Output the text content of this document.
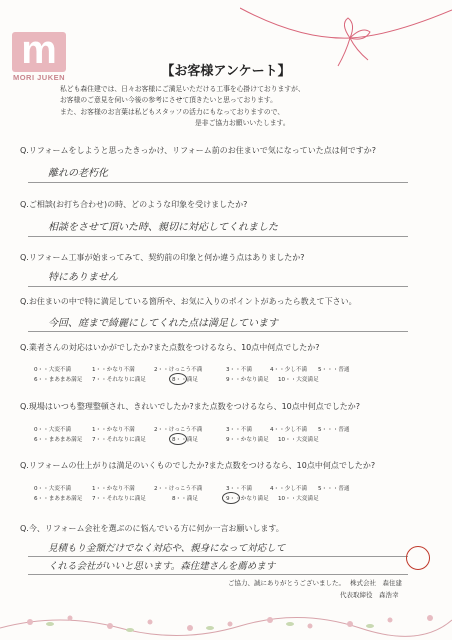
m
MORI JUKEN	【お客様アンケート】
私ども森住建では、日々お客様にご満足いただける工事を心掛けておりますが、
お客様のご意見を伺い今後の参考にさせて頂きたいと思っております。
また、お客様のお言葉は私どもスタッフの活力にもなっておりますので、
是非ご協力お願いいたします。
Q.リフォームをしようと思ったきっかけ、リフォーム前のお住まいで気になっていた点は何ですか?
離れの老朽化
Q.ご相談(お打ち合わせ)の時、どのような印象を受けましたか?
相談をさせて頂いた時、親切に対応してくれました
Q.リフォーム工事が始まってみて、契約前の印象と何か違う点はありましたか?
特にありません
Q.お住まいの中で特に満足している箇所や、お気に入りのポイントがあったら教えて下さい。
今回、庭まで綺麗にしてくれた点は満足しています
Q.業者さんの対応はいかがでしたか?また点数をつけるなら、10点中何点でしたか?
0・・大変不満	1・・かなり不満	2・・けっこう不満	3・・不満	4・・少し不満 5・・・普通
6・・まあまあ満足 7・・それなりに満足	8・・満足	9・・かなり満足 10・・大変満足
Q.現場はいつも整理整頓され、きれいでしたか?また点数をつけるなら、10点中何点でしたか?
0・・大変不満	1・・かなり不満	2・・けっこう不満	3・・不満	4・・少し不満 5・・・普通
6・・まあまあ満足 7・・それなりに満足	8・・満足	9・・かなり満足 10・・大変満足
Q.リフォームの仕上がりは満足のいくものでしたか?また点数をつけるなら、10点中何点でしたか?
0・・大変不満	1・・かなり不満	2・・けっこう不満	3・・不満	4・・少し不満 5・・・普通
6・・まあまあ満足 7・・それなりに満足	8・・満足	9・・かなり満足 10・・大変満足
Q.今、リフォーム会社を選ぶのに悩んでいる方に何か一言お願いします。
見積もり金額だけでなく対応や、親身になって対応して
くれる会社がいいと思います。森住建さんを薦めます
ご協力、誠にありがとうございました。 株式会社　森住建
代表取締役　森浩幸
